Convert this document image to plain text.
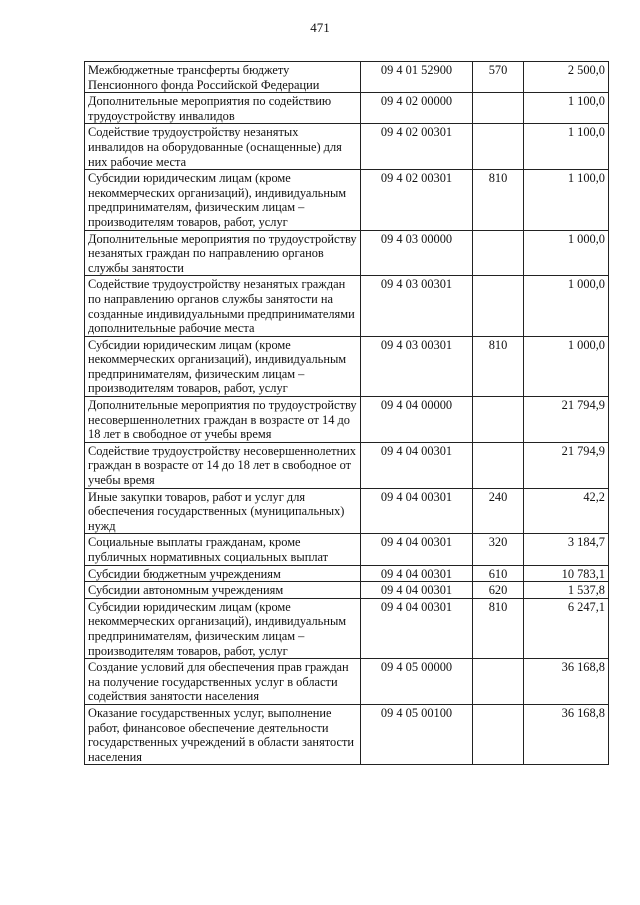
471
Межбюджетные трансферты бюджету Пенсионного фонда Российской Федерации	09 4 01 52900	570	2 500,0
Дополнительные мероприятия по содействию трудоустройству инвалидов	09 4 02 00000		1 100,0
Содействие трудоустройству незанятых инвалидов на оборудованные (оснащенные) для них рабочие места	09 4 02 00301		1 100,0
Субсидии юридическим лицам (кроме некоммерческих организаций), индивидуальным предпринимателям, физическим лицам – производителям товаров, работ, услуг	09 4 02 00301	810	1 100,0
Дополнительные мероприятия по трудоустройству незанятых граждан по направлению органов службы занятости	09 4 03 00000		1 000,0
Содействие трудоустройству незанятых граждан по направлению органов службы занятости на созданные индивидуальными предпринимателями дополнительные рабочие места	09 4 03 00301		1 000,0
Субсидии юридическим лицам (кроме некоммерческих организаций), индивидуальным предпринимателям, физическим лицам – производителям товаров, работ, услуг	09 4 03 00301	810	1 000,0
Дополнительные мероприятия по трудоустройству несовершеннолетних граждан в возрасте от 14 до 18 лет в свободное от учебы время	09 4 04 00000		21 794,9
Содействие трудоустройству несовершеннолетних граждан в возрасте от 14 до 18 лет в свободное от учебы время	09 4 04 00301		21 794,9
Иные закупки товаров, работ и услуг для обеспечения государственных (муниципальных) нужд	09 4 04 00301	240	42,2
Социальные выплаты гражданам, кроме публичных нормативных социальных выплат	09 4 04 00301	320	3 184,7
Субсидии бюджетным учреждениям	09 4 04 00301	610	10 783,1
Субсидии автономным учреждениям	09 4 04 00301	620	1 537,8
Субсидии юридическим лицам (кроме некоммерческих организаций), индивидуальным предпринимателям, физическим лицам – производителям товаров, работ, услуг	09 4 04 00301	810	6 247,1
Создание условий для обеспечения прав граждан на получение государственных услуг в области содействия занятости населения	09 4 05 00000		36 168,8
Оказание государственных услуг, выполнение работ, финансовое обеспечение деятельности государственных учреждений в области занятости населения	09 4 05 00100		36 168,8
